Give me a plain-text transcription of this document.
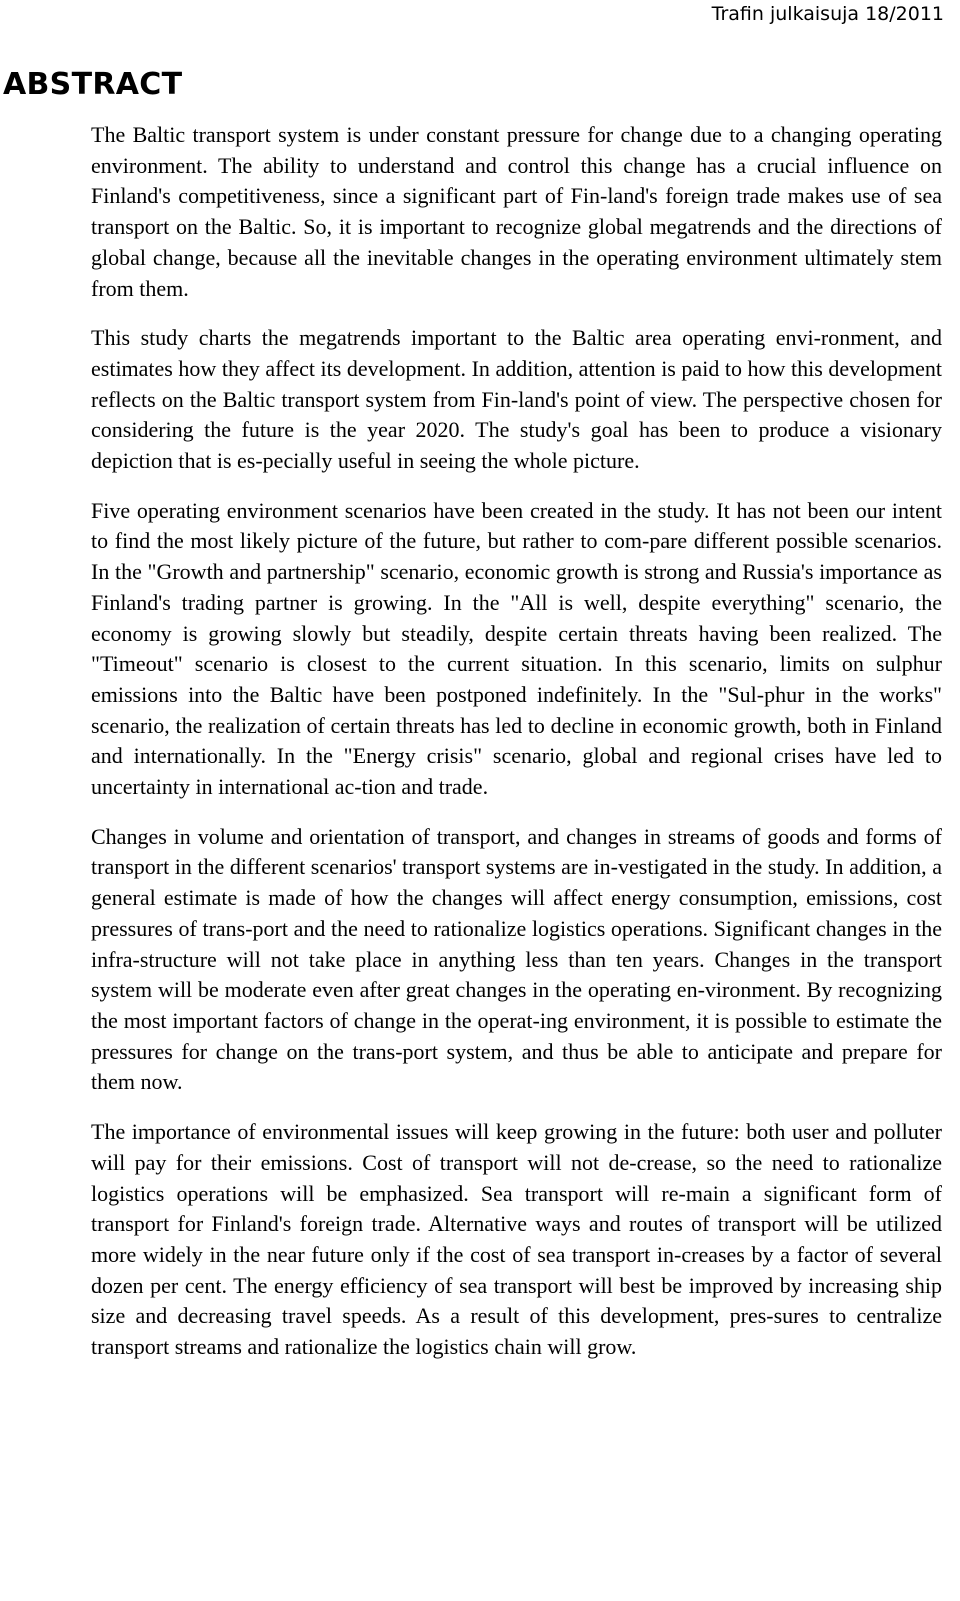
Trafin julkaisuja 18/2011
ABSTRACT

The Baltic transport system is under constant pressure for change due to a changing operating environment. The ability to understand and control this change has a crucial influence on Finland's competitiveness, since a significant part of Fin-land's foreign trade makes use of sea transport on the Baltic. So, it is important to recognize global megatrends and the directions of global change, because all the inevitable changes in the operating environment ultimately stem from them.

This study charts the megatrends important to the Baltic area operating envi-ronment, and estimates how they affect its development. In addition, attention is paid to how this development reflects on the Baltic transport system from Fin-land's point of view. The perspective chosen for considering the future is the year 2020. The study's goal has been to produce a visionary depiction that is es-pecially useful in seeing the whole picture.

Five operating environment scenarios have been created in the study. It has not been our intent to find the most likely picture of the future, but rather to com-pare different possible scenarios. In the "Growth and partnership" scenario, economic growth is strong and Russia's importance as Finland's trading partner is growing. In the "All is well, despite everything" scenario, the economy is growing slowly but steadily, despite certain threats having been realized. The "Timeout" scenario is closest to the current situation. In this scenario, limits on sulphur emissions into the Baltic have been postponed indefinitely. In the "Sul-phur in the works" scenario, the realization of certain threats has led to decline in economic growth, both in Finland and internationally. In the "Energy crisis" scenario, global and regional crises have led to uncertainty in international ac-tion and trade.

Changes in volume and orientation of transport, and changes in streams of goods and forms of transport in the different scenarios' transport systems are in-vestigated in the study. In addition, a general estimate is made of how the changes will affect energy consumption, emissions, cost pressures of trans-port and the need to rationalize logistics operations. Significant changes in the infra-structure will not take place in anything less than ten years. Changes in the transport system will be moderate even after great changes in the operating en-vironment. By recognizing the most important factors of change in the operat-ing environment, it is possible to estimate the pressures for change on the trans-port system, and thus be able to anticipate and prepare for them now.

The importance of environmental issues will keep growing in the future: both user and polluter will pay for their emissions. Cost of transport will not de-crease, so the need to rationalize logistics operations will be emphasized. Sea transport will re-main a significant form of transport for Finland's foreign trade. Alternative ways and routes of transport will be utilized more widely in the near future only if the cost of sea transport in-creases by a factor of several dozen per cent. The energy efficiency of sea transport will best be improved by increasing ship size and decreasing travel speeds. As a result of this development, pres-sures to centralize transport streams and rationalize the logistics chain will grow.
